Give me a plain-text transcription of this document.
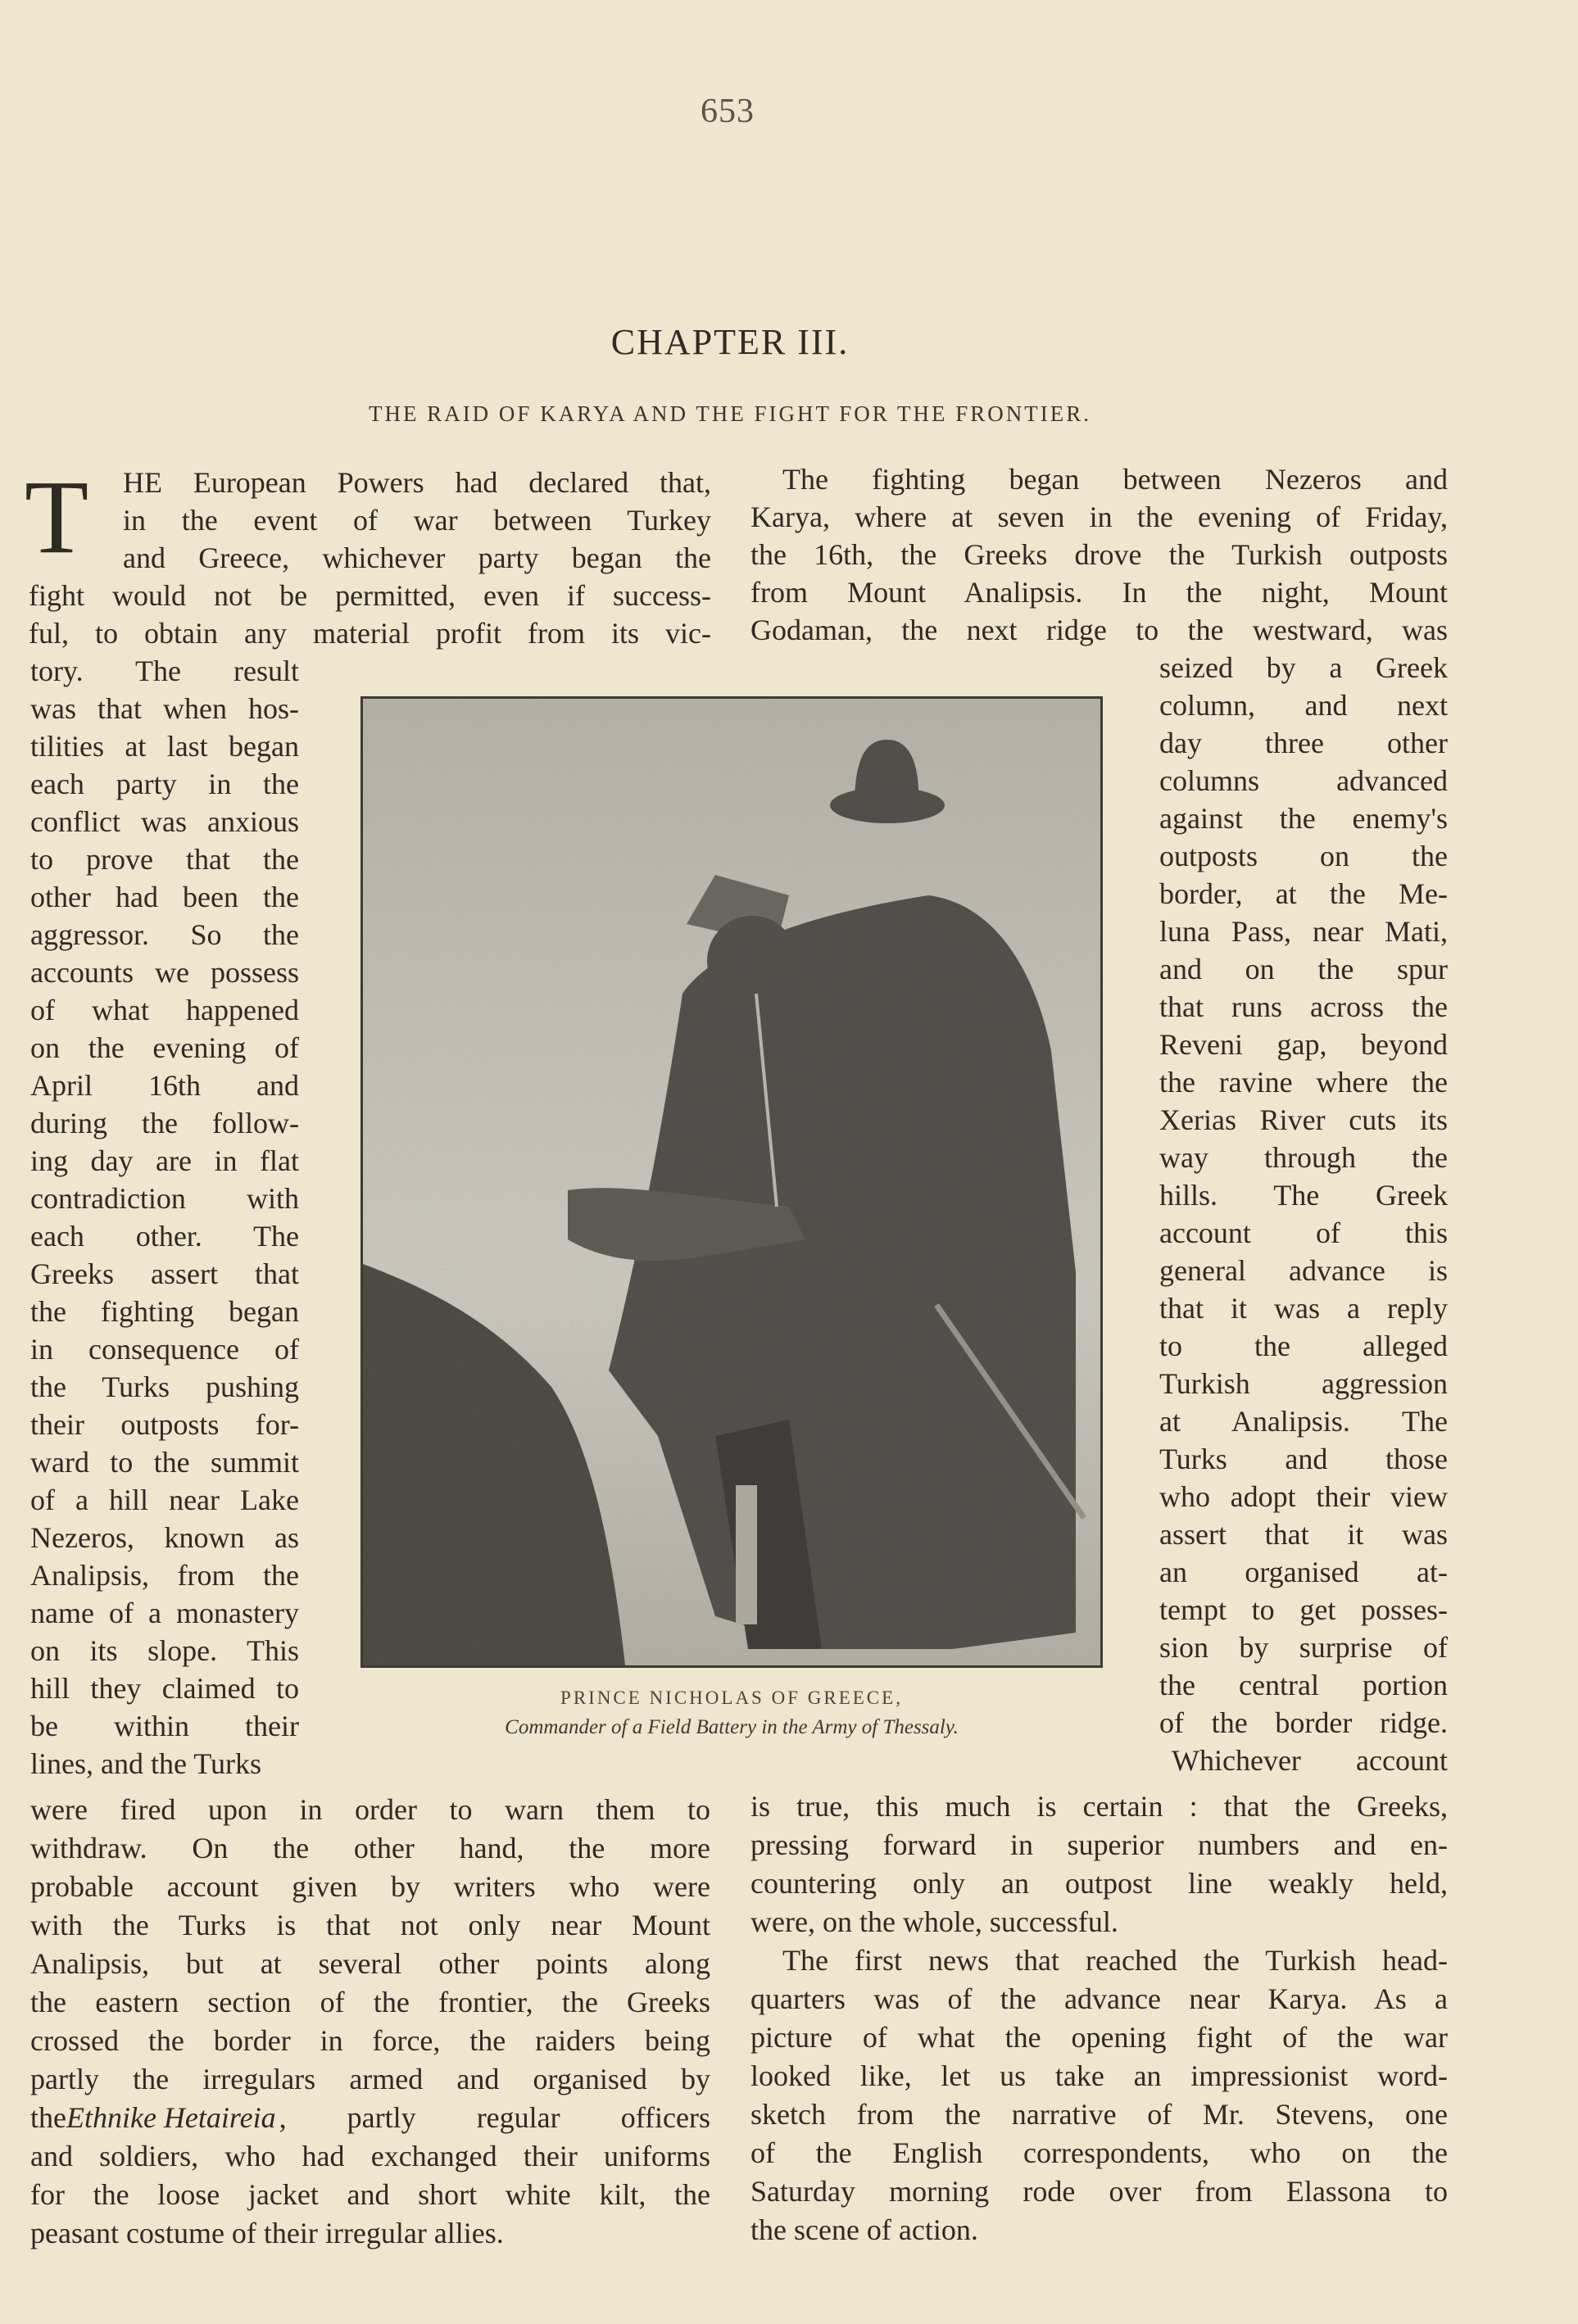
653
CHAPTER III.
THE RAID OF KARYA AND THE FIGHT FOR THE FRONTIER.
T HE European Powers had declared that,
in the event of war between Turkey
and Greece, whichever party began the
fight would not be permitted, even if success-
ful, to obtain any material profit from its vic-
tory. The result
was that when hos-
tilities at last began
each party in the
conflict was anxious
to prove that the
other had been the
aggressor. So the
accounts we possess
of what happened
on the evening of
April 16th and
during the follow-
ing day are in flat
contradiction with
each other. The
Greeks assert that
the fighting began
in consequence of
the Turks pushing
their outposts for-
ward to the summit
of a hill near Lake
Nezeros, known as
Analipsis, from the
name of a monastery
on its slope. This
hill they claimed to
be within their
lines, and the Turks
were fired upon in order to warn them to
withdraw. On the other hand, the more
probable account given by writers who were
with the Turks is that not only near Mount
Analipsis, but at several other points along
the eastern section of the frontier, the Greeks
crossed the border in force, the raiders being
partly the irregulars armed and organised by
the Ethnike Hetaireia , partly regular officers
and soldiers, who had exchanged their uniforms
for the loose jacket and short white kilt, the
peasant costume of their irregular allies.
The fighting began between Nezeros and
Karya, where at seven in the evening of Friday,
the 16th, the Greeks drove the Turkish outposts
from Mount Analipsis. In the night, Mount
Godaman, the next ridge to the westward, was
seized by a Greek
column, and next
day three other
columns advanced
against the enemy's
outposts on the
border, at the Me-
luna Pass, near Mati,
and on the spur
that runs across the
Reveni gap, beyond
the ravine where the
Xerias River cuts its
way through the
hills. The Greek
account of this
general advance is
that it was a reply
to the alleged
Turkish aggression
at Analipsis. The
Turks and those
who adopt their view
assert that it was
an organised at-
tempt to get posses-
sion by surprise of
the central portion
of the border ridge.
Whichever account
is true, this much is certain : that the Greeks,
pressing forward in superior numbers and en-
countering only an outpost line weakly held,
were, on the whole, successful.
The first news that reached the Turkish head-
quarters was of the advance near Karya. As a
picture of what the opening fight of the war
looked like, let us take an impressionist word-
sketch from the narrative of Mr. Stevens, one
of the English correspondents, who on the
Saturday morning rode over from Elassona to
the scene of action.
PRINCE NICHOLAS OF GREECE,
Commander of a Field Battery in the Army of Thessaly.
